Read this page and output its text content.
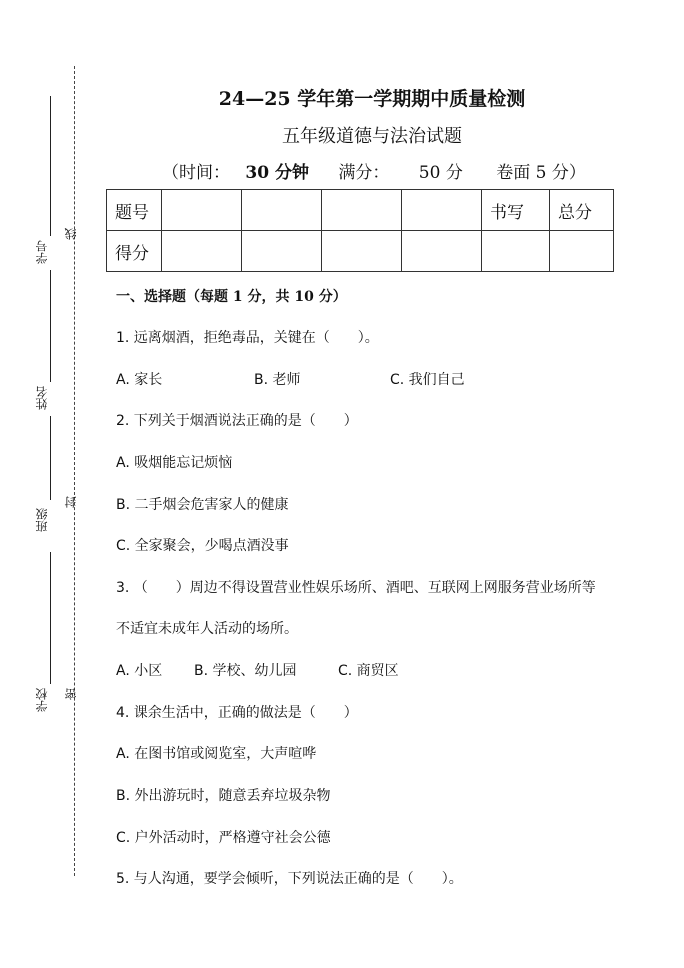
学号
线
姓名
班级
封
学校 密
24—25 学年第一学期期中质量检测
五年级道德与法治试题
（时间： 30 分钟 满分： 50 分 卷面 5 分）
题号					书写	总分
得分						
一、选择题（每题 1 分，共 10 分）
1. 远离烟酒，拒绝毒品，关键在（　　）。
A. 家长	B. 老师	C. 我们自己
2. 下列关于烟酒说法正确的是（　　）
A. 吸烟能忘记烦恼
B. 二手烟会危害家人的健康
C. 全家聚会，少喝点酒没事
3. （　　）周边不得设置营业性娱乐场所、酒吧、互联网上网服务营业场所等
不适宜未成年人活动的场所。
A. 小区 B. 学校、幼儿园	C. 商贸区
4. 课余生活中，正确的做法是（　　）
A. 在图书馆或阅览室，大声喧哗
B. 外出游玩时，随意丢弃垃圾杂物
C. 户外活动时，严格遵守社会公德
5. 与人沟通，要学会倾听，下列说法正确的是（　　）。
